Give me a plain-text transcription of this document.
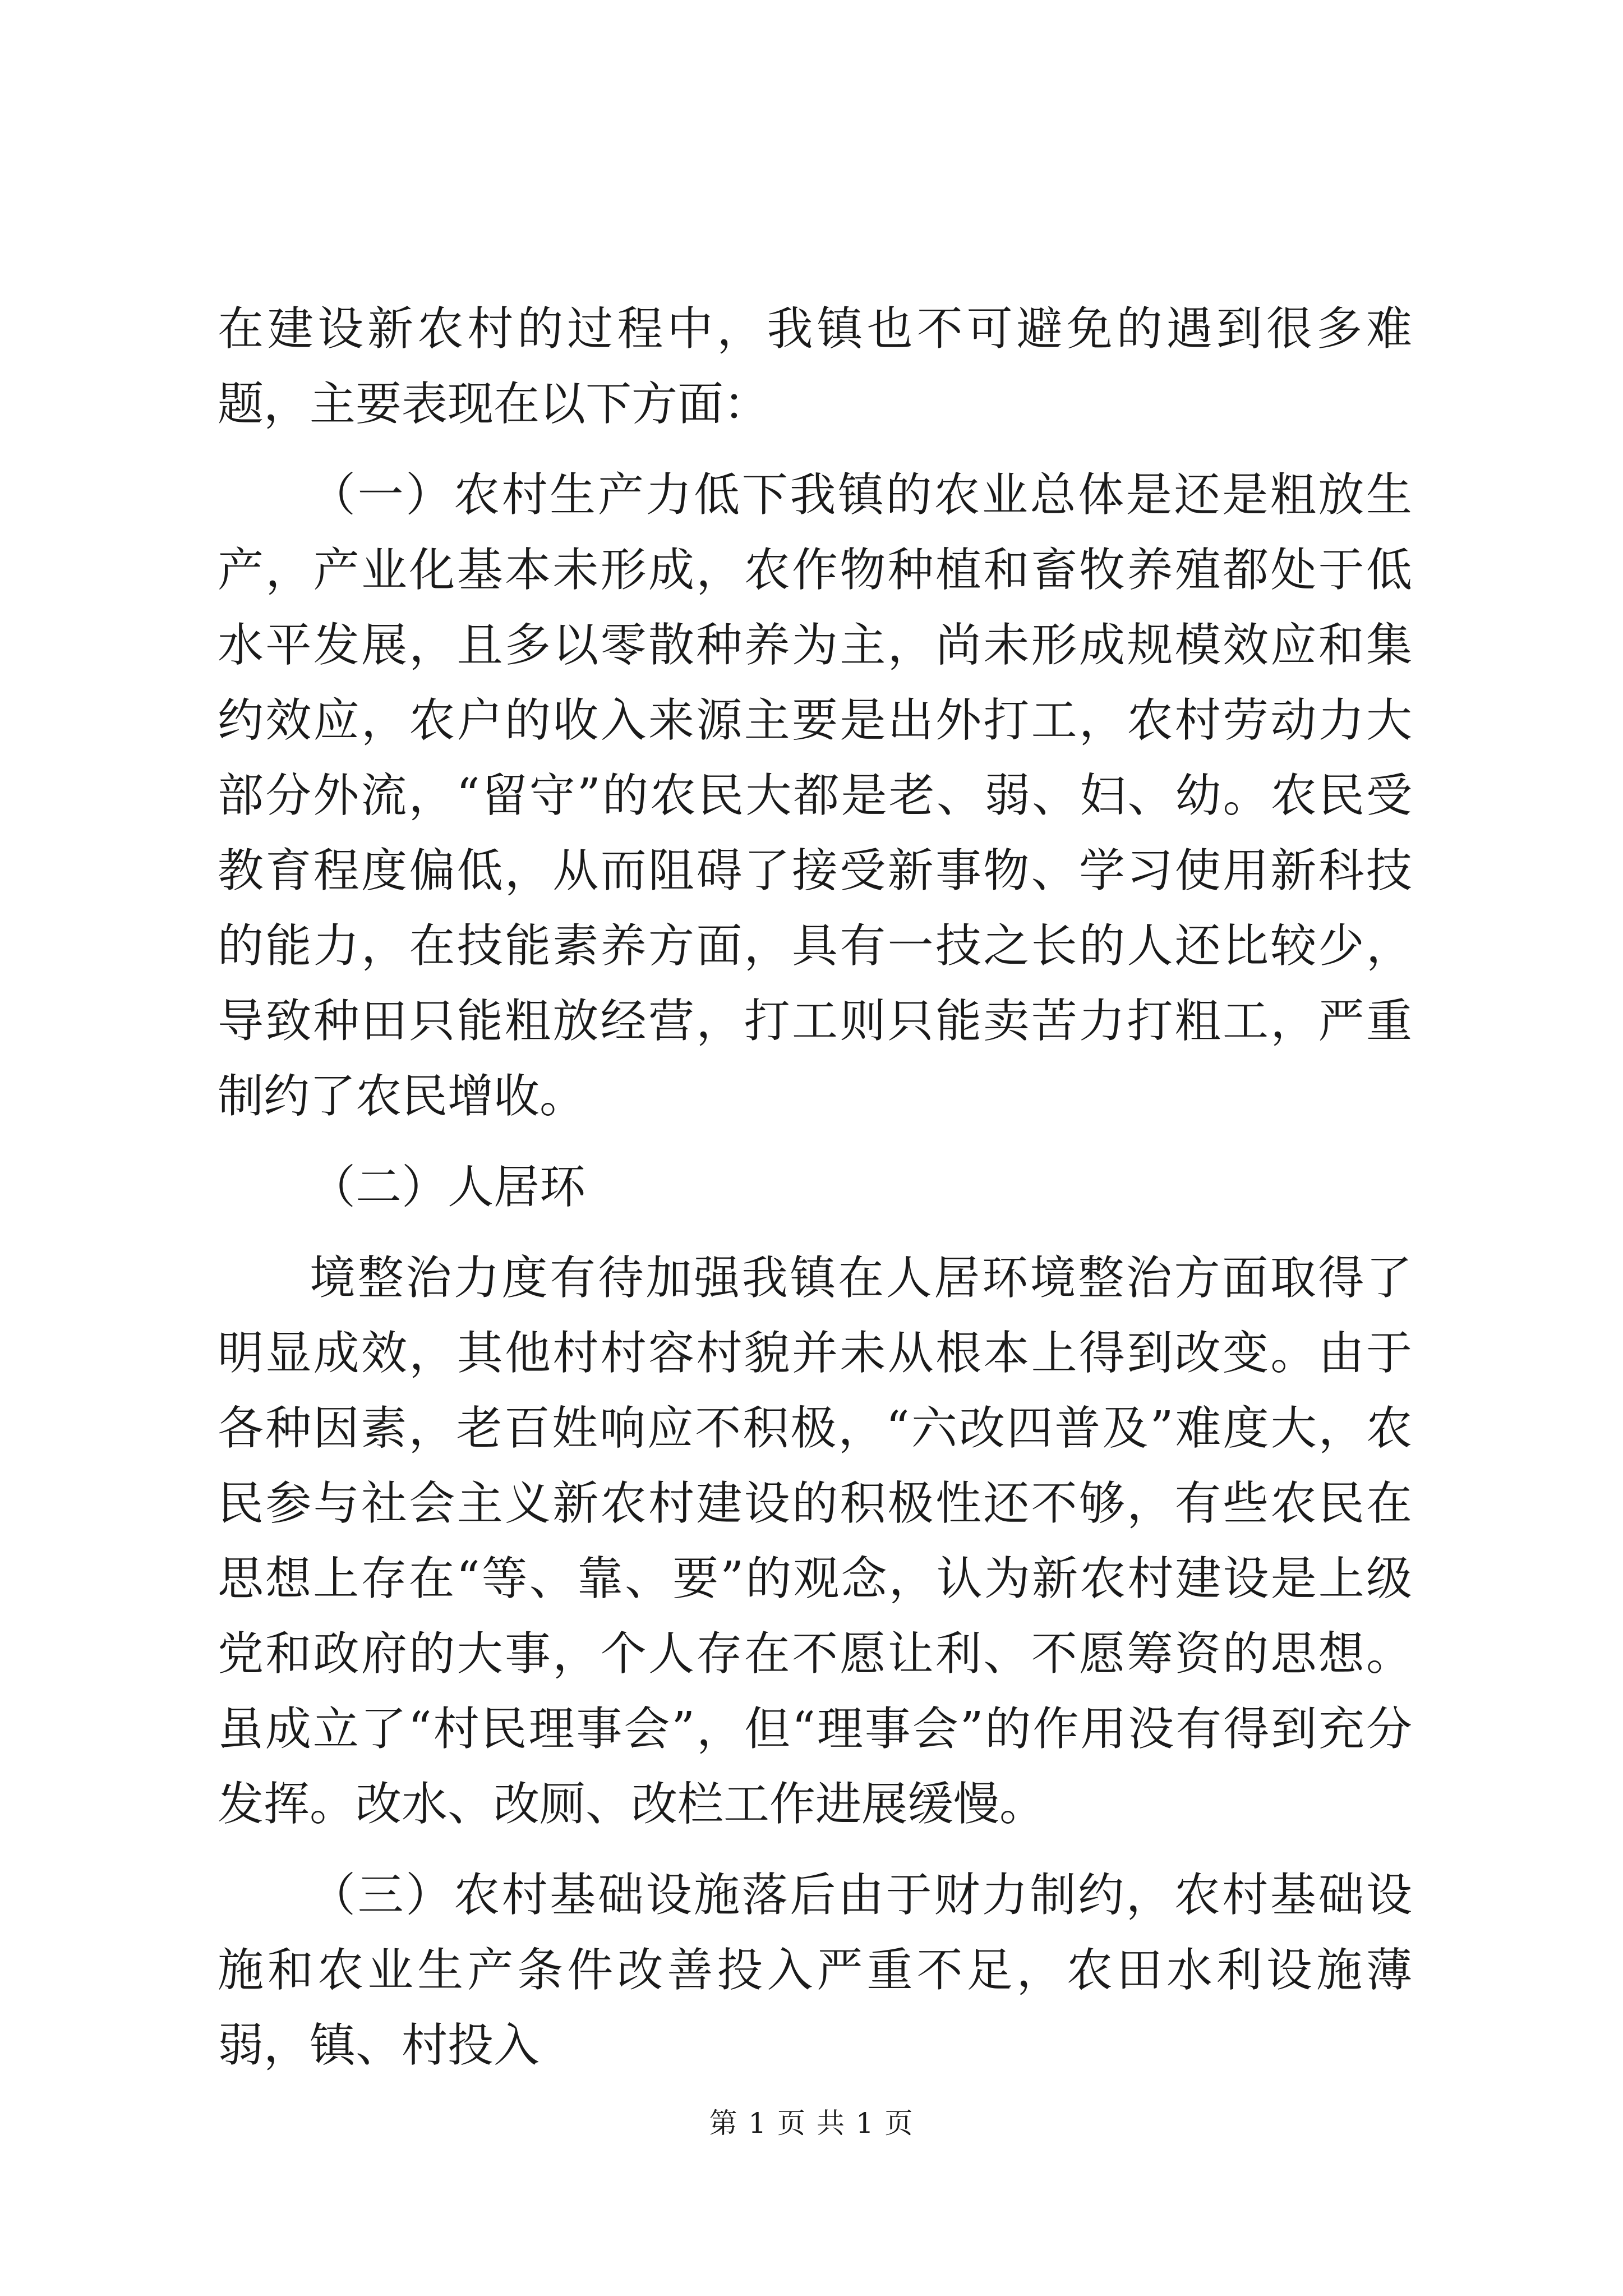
在建设新农村的过程中，我镇也不可避免的遇到很多难题，主要表现在以下方面：

（一）农村生产力低下我镇的农业总体是还是粗放生产，产业化基本未形成，农作物种植和畜牧养殖都处于低水平发展，且多以零散种养为主，尚未形成规模效应和集约效应，农户的收入来源主要是出外打工，农村劳动力大部分外流，“留守”的农民大都是老、弱、妇、幼。农民受教育程度偏低，从而阻碍了接受新事物、学习使用新科技的能力，在技能素养方面，具有一技之长的人还比较少，导致种田只能粗放经营，打工则只能卖苦力打粗工，严重制约了农民增收。

（二）人居环

境整治力度有待加强我镇在人居环境整治方面取得了明显成效，其他村村容村貌并未从根本上得到改变。由于各种因素，老百姓响应不积极，“六改四普及”难度大，农民参与社会主义新农村建设的积极性还不够，有些农民在思想上存在“等、靠、要”的观念，认为新农村建设是上级党和政府的大事，个人存在不愿让利、不愿筹资的思想。虽成立了“村民理事会”，但“理事会”的作用没有得到充分发挥。改水、改厕、改栏工作进展缓慢。

（三）农村基础设施落后由于财力制约，农村基础设施和农业生产条件改善投入严重不足，农田水利设施薄弱，镇、村投入

第 1 页 共 1 页
